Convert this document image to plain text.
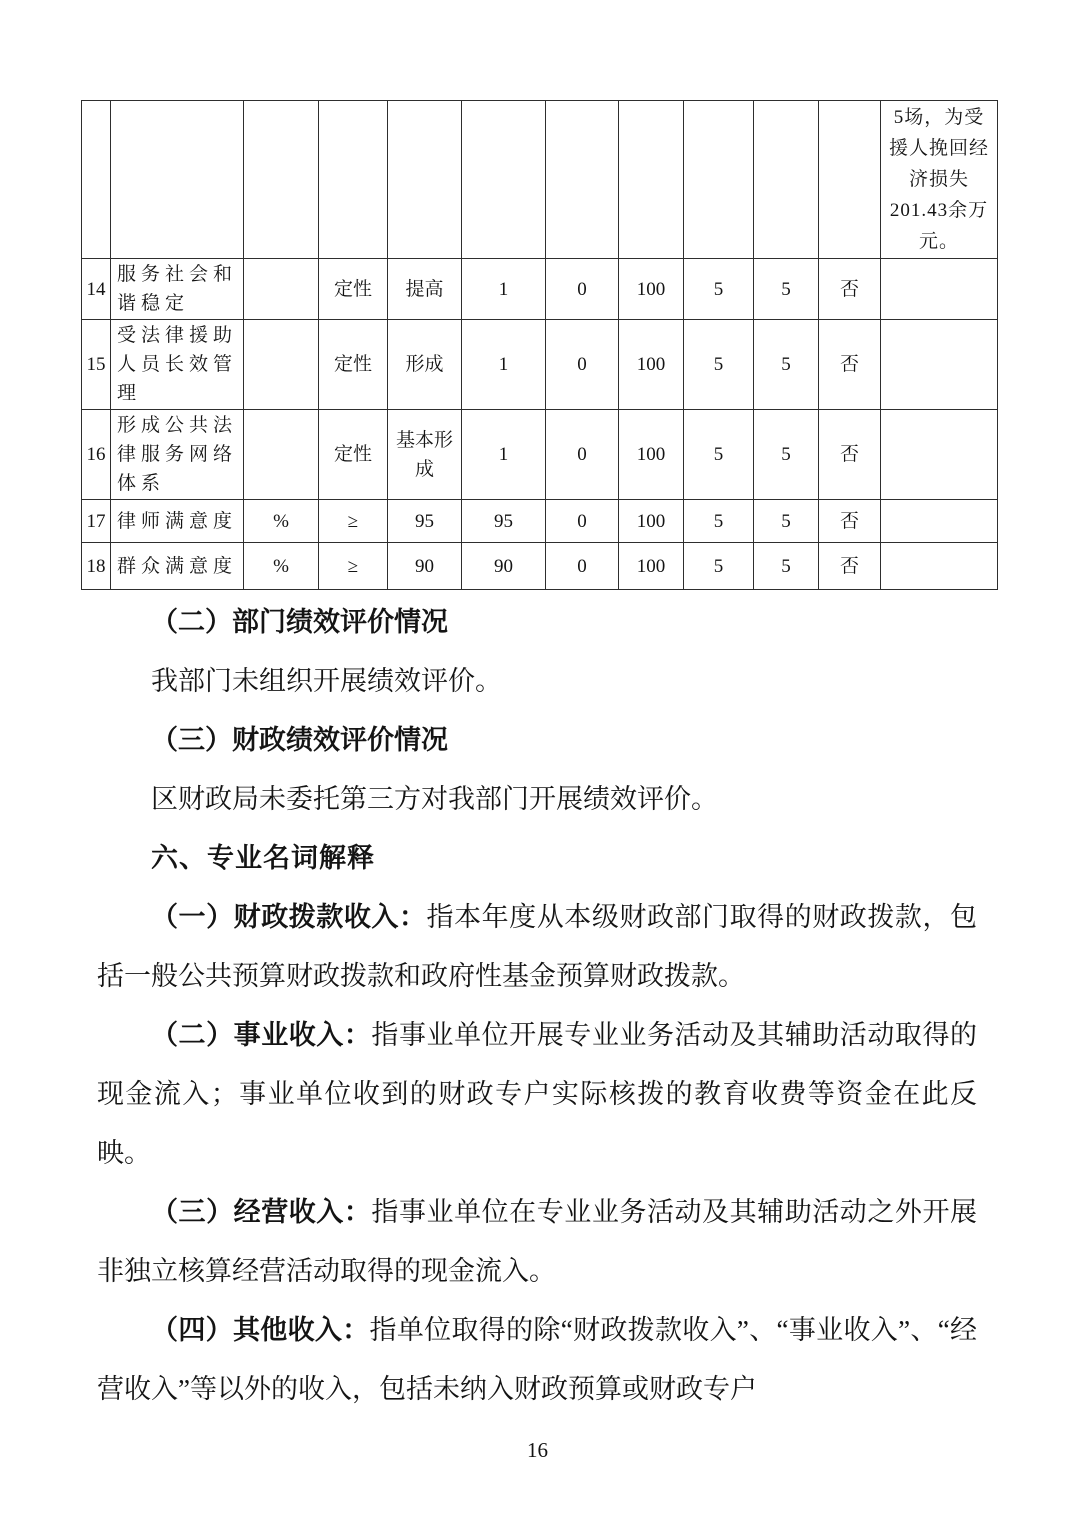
											5场，为受援人挽回经济损失201.43余万元。
14	服务社会和谐稳定		定性	提高	1	0	100	5	5	否	
15	受法律援助人员长效管理		定性	形成	1	0	100	5	5	否	
16	形成公共法律服务网络体系		定性	基本形成	1	0	100	5	5	否	
17	律师满意度	%	≥	95	95	0	100	5	5	否	
18	群众满意度	%	≥	90	90	0	100	5	5	否	

（二）部门绩效评价情况

我部门未组织开展绩效评价。

（三）财政绩效评价情况

区财政局未委托第三方对我部门开展绩效评价。

六、专业名词解释

（一）财政拨款收入：指本年度从本级财政部门取得的财政拨款，包括一般公共预算财政拨款和政府性基金预算财政拨款。

（二）事业收入：指事业单位开展专业业务活动及其辅助活动取得的现金流入；事业单位收到的财政专户实际核拨的教育收费等资金在此反映。

（三）经营收入：指事业单位在专业业务活动及其辅助活动之外开展非独立核算经营活动取得的现金流入。

（四）其他收入：指单位取得的除“财政拨款收入”、“事业收入”、“经营收入”等以外的收入，包括未纳入财政预算或财政专户

16
